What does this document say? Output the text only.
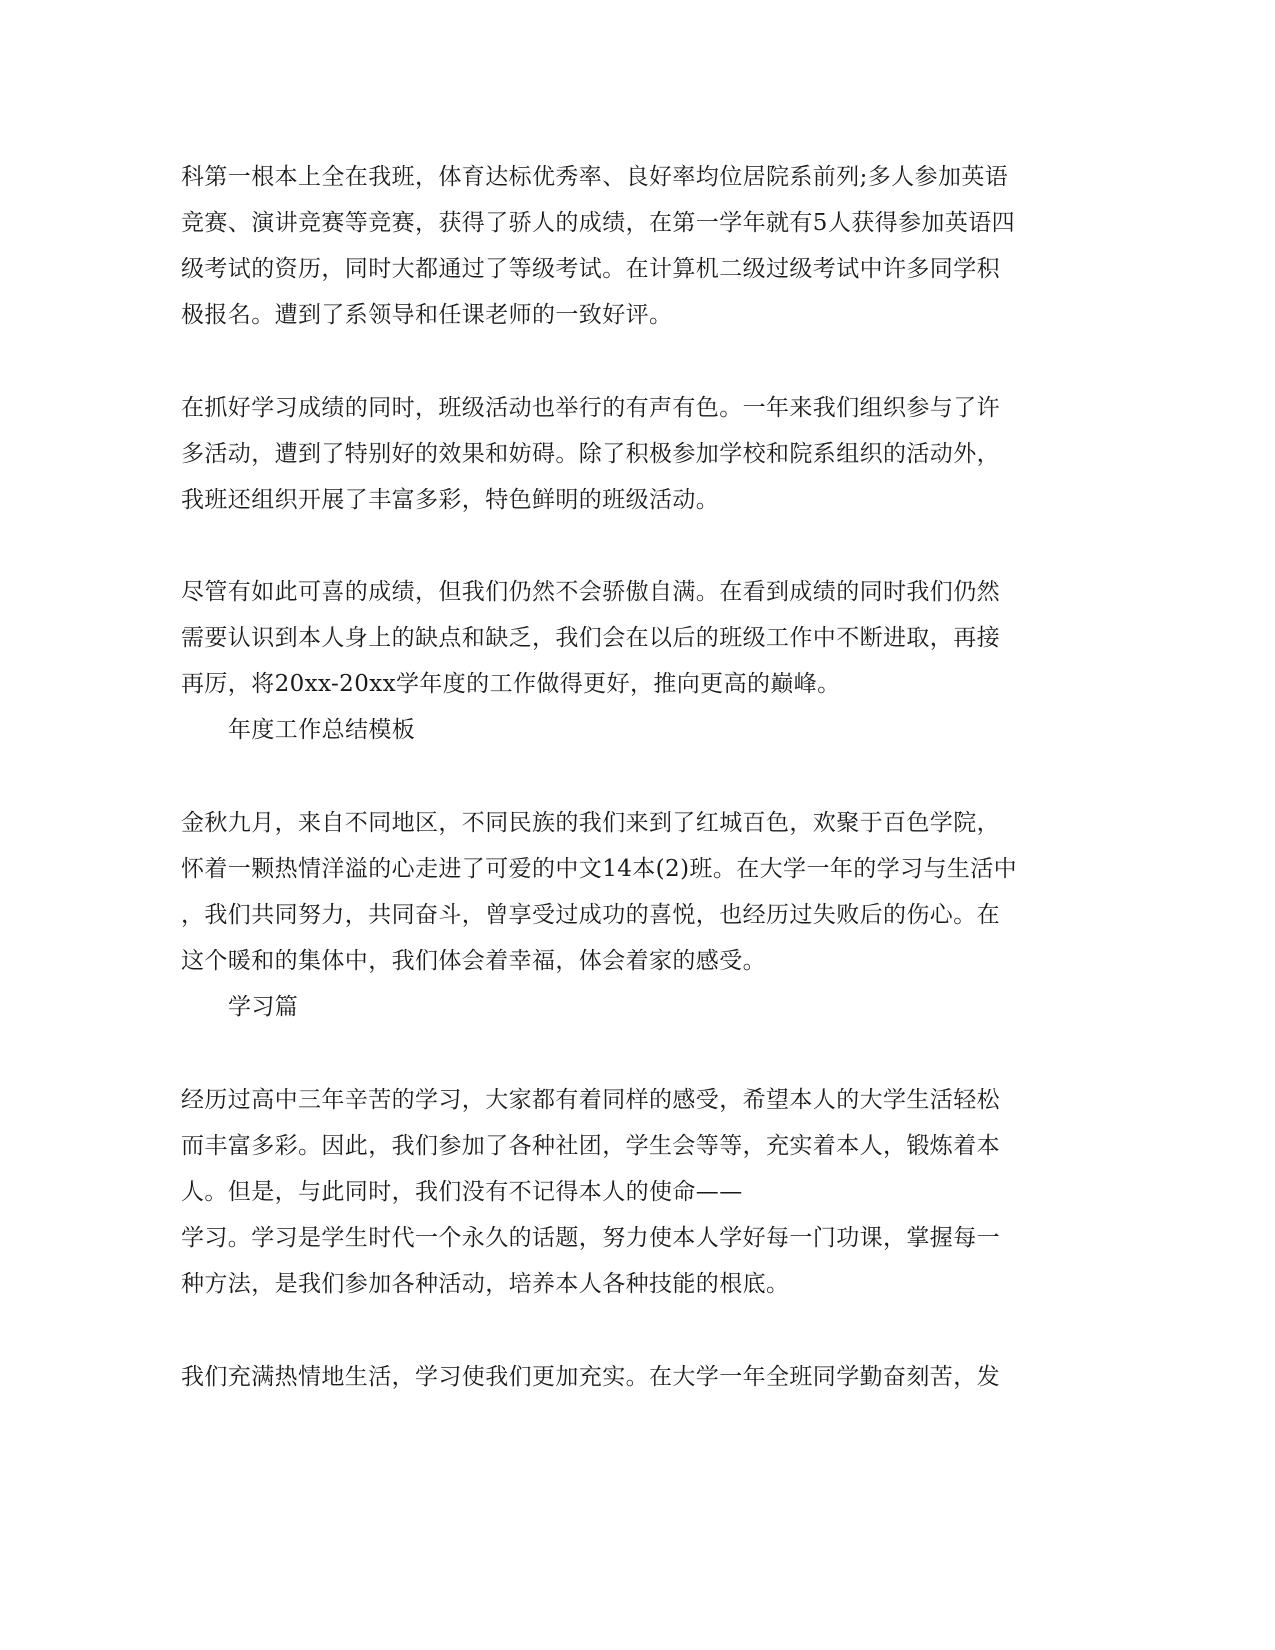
科第一根本上全在我班，体育达标优秀率、良好率均位居院系前列;多人参加英语
竞赛、演讲竞赛等竞赛，获得了骄人的成绩，在第一学年就有5人获得参加英语四
级考试的资历，同时大都通过了等级考试。在计算机二级过级考试中许多同学积
极报名。遭到了系领导和任课老师的一致好评。
在抓好学习成绩的同时，班级活动也举行的有声有色。一年来我们组织参与了许
多活动，遭到了特别好的效果和妨碍。除了积极参加学校和院系组织的活动外，
我班还组织开展了丰富多彩，特色鲜明的班级活动。
尽管有如此可喜的成绩，但我们仍然不会骄傲自满。在看到成绩的同时我们仍然
需要认识到本人身上的缺点和缺乏，我们会在以后的班级工作中不断进取，再接
再厉，将20xx-20xx学年度的工作做得更好，推向更高的巅峰。
年度工作总结模板
金秋九月，来自不同地区，不同民族的我们来到了红城百色，欢聚于百色学院，
怀着一颗热情洋溢的心走进了可爱的中文14本(2)班。在大学一年的学习与生活中
，我们共同努力，共同奋斗，曾享受过成功的喜悦，也经历过失败后的伤心。在
这个暖和的集体中，我们体会着幸福，体会着家的感受。
学习篇
经历过高中三年辛苦的学习，大家都有着同样的感受，希望本人的大学生活轻松
而丰富多彩。因此，我们参加了各种社团，学生会等等，充实着本人，锻炼着本
人。但是，与此同时，我们没有不记得本人的使命——
学习。学习是学生时代一个永久的话题，努力使本人学好每一门功课，掌握每一
种方法，是我们参加各种活动，培养本人各种技能的根底。
我们充满热情地生活，学习使我们更加充实。在大学一年全班同学勤奋刻苦，发
